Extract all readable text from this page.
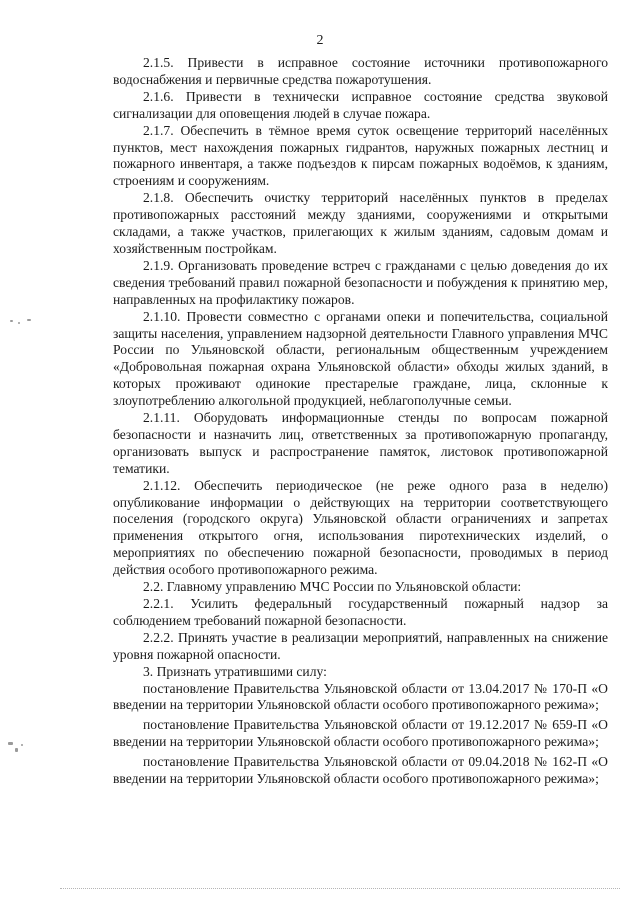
2

2.1.5. Привести в исправное состояние источники противопожарного водоснабжения и первичные средства пожаротушения.

2.1.6. Привести в технически исправное состояние средства звуковой сигнализации для оповещения людей в случае пожара.

2.1.7. Обеспечить в тёмное время суток освещение территорий населённых пунктов, мест нахождения пожарных гидрантов, наружных пожарных лестниц и пожарного инвентаря, а также подъездов к пирсам пожарных водоёмов, к зданиям, строениям и сооружениям.

2.1.8. Обеспечить очистку территорий населённых пунктов в пределах противопожарных расстояний между зданиями, сооружениями и открытыми складами, а также участков, прилегающих к жилым зданиям, садовым домам и хозяйственным постройкам.

2.1.9. Организовать проведение встреч с гражданами с целью доведения до их сведения требований правил пожарной безопасности и побуждения к принятию мер, направленных на профилактику пожаров.

2.1.10. Провести совместно с органами опеки и попечительства, социальной защиты населения, управлением надзорной деятельности Главного управления МЧС России по Ульяновской области, региональным общественным учреждением «Добровольная пожарная охрана Ульяновской области» обходы жилых зданий, в которых проживают одинокие престарелые граждане, лица, склонные к злоупотреблению алкогольной продукцией, неблагополучные семьи.

2.1.11. Оборудовать информационные стенды по вопросам пожарной безопасности и назначить лиц, ответственных за противопожарную пропаганду, организовать выпуск и распространение памяток, листовок противопожарной тематики.

2.1.12. Обеспечить периодическое (не реже одного раза в неделю) опубликование информации о действующих на территории соответствующего поселения (городского округа) Ульяновской области ограничениях и запретах применения открытого огня, использования пиротехнических изделий, о мероприятиях по обеспечению пожарной безопасности, проводимых в период действия особого противопожарного режима.

2.2. Главному управлению МЧС России по Ульяновской области:

2.2.1. Усилить федеральный государственный пожарный надзор за соблюдением требований пожарной безопасности.

2.2.2. Принять участие в реализации мероприятий, направленных на снижение уровня пожарной опасности.

3. Признать утратившими силу:

постановление Правительства Ульяновской области от 13.04.2017 № 170-П «О введении на территории Ульяновской области особого противопожарного режима»;

постановление Правительства Ульяновской области от 19.12.2017 № 659-П «О введении на территории Ульяновской области особого противопожарного режима»;

постановление Правительства Ульяновской области от 09.04.2018 № 162-П «О введении на территории Ульяновской области особого противопожарного режима»;
